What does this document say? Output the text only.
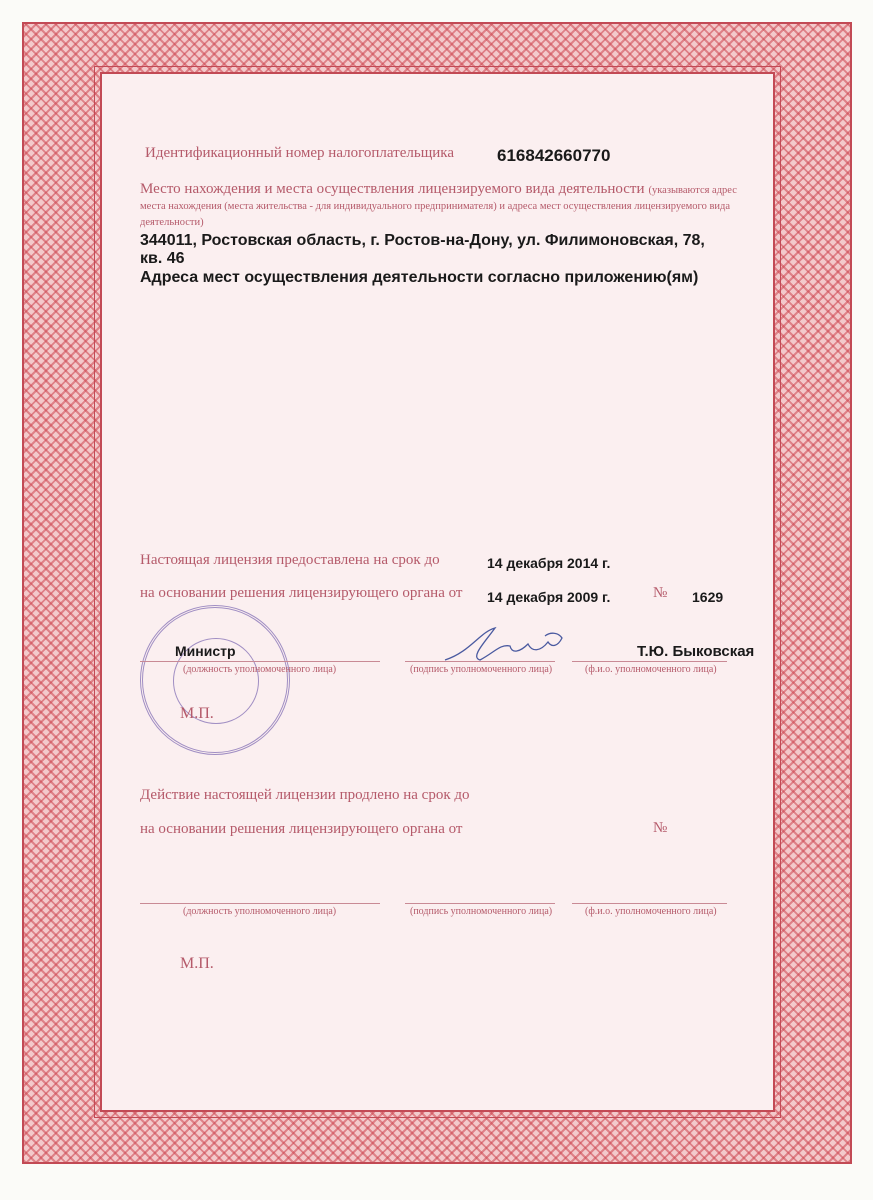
Идентификационный номер налогоплательщика	616842660770
Место нахождения и места осуществления лицензируемого вида деятельности (указываются адрес места нахождения (места жительства - для индивидуального предпринимателя) и адреса мест осуществления лицензируемого вида деятельности)
344011, Ростовская область, г. Ростов-на-Дону, ул. Филимоновская, 78,
кв. 46
Адреса мест осуществления деятельности согласно приложению(ям)
Настоящая лицензия предоставлена на срок до	14 декабря 2014 г.
на основании решения лицензирующего органа от 14 декабря 2009 г.	№ 1629
Министр	Т.Ю. Быковская
(должность уполномоченного лица)	(подпись уполномоченного лица)	(ф.и.о. уполномоченного лица)
М.П.
Действие настоящей лицензии продлено на срок до
на основании решения лицензирующего органа от	№
(должность уполномоченного лица)	(подпись уполномоченного лица)	(ф.и.о. уполномоченного лица)
М.П.
